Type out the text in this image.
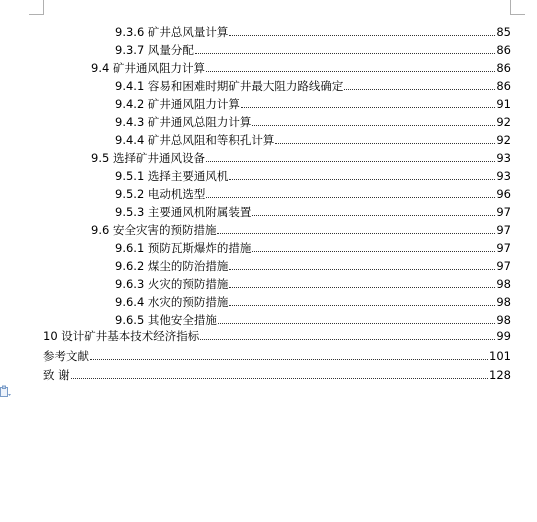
9.3.6 矿井总风量计算	85
9.3.7 风量分配	86
9.4 矿井通风阻力计算	86
9.4.1 容易和困难时期矿井最大阻力路线确定	86
9.4.2 矿井通风阻力计算	91
9.4.3 矿井通风总阻力计算	92
9.4.4 矿井总风阻和等积孔计算	92
9.5 选择矿井通风设备	93
9.5.1 选择主要通风机	93
9.5.2 电动机选型	96
9.5.3 主要通风机附属装置	97
9.6 安全灾害的预防措施	97
9.6.1 预防瓦斯爆炸的措施	97
9.6.2 煤尘的防治措施	97
9.6.3 火灾的预防措施	98
9.6.4 水灾的预防措施	98
9.6.5 其他安全措施	98
10 设计矿井基本技术经济指标	99
参考文献	101
致 谢	128
